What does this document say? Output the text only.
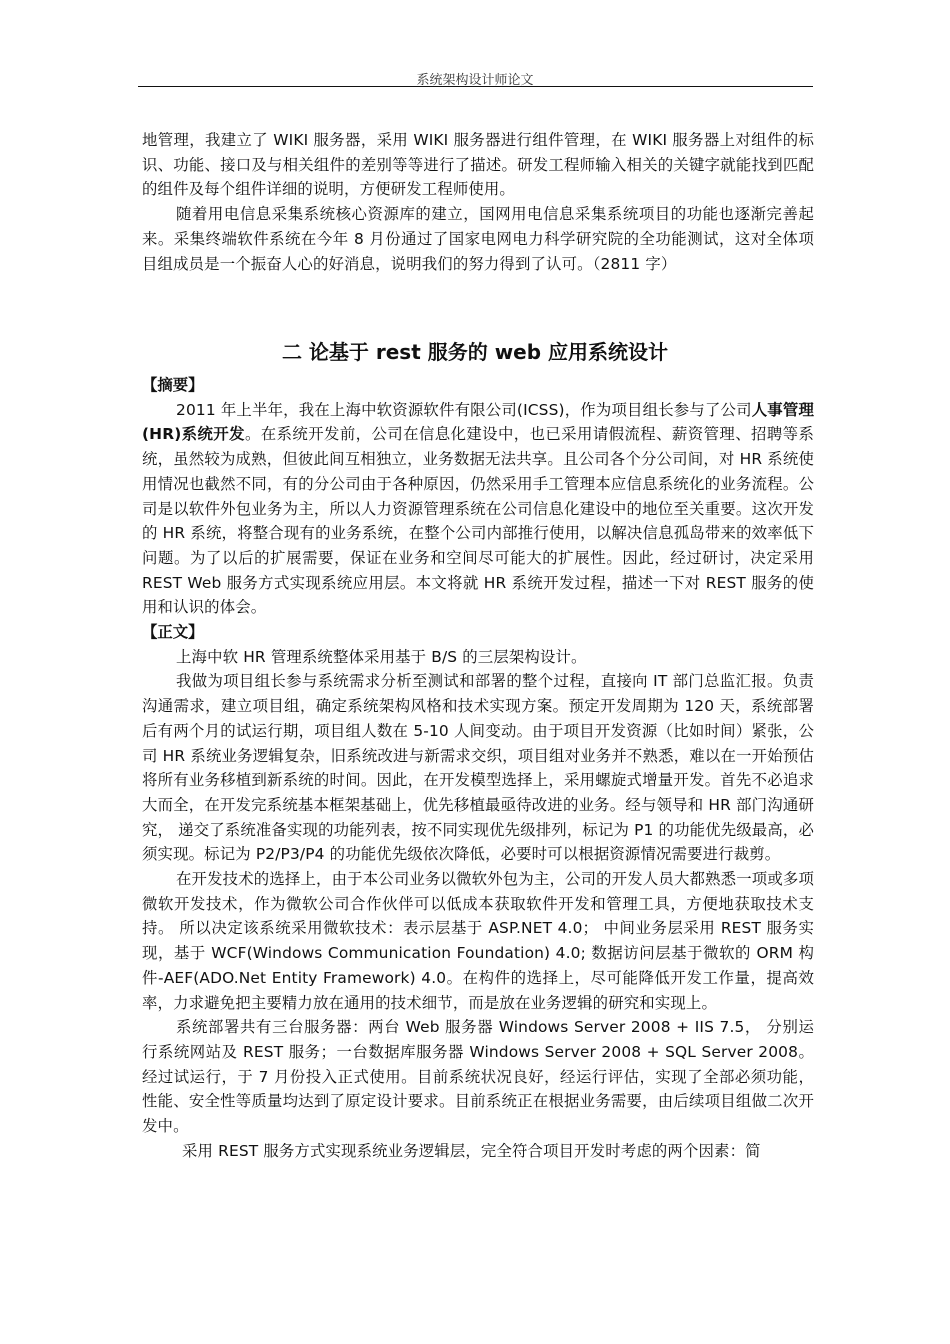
系统架构设计师论文

地管理，我建立了 WIKI 服务器，采用 WIKI 服务器进行组件管理，在 WIKI 服务器上对组件的标识、功能、接口及与相关组件的差别等等进行了描述。研发工程师输入相关的关键字就能找到匹配的组件及每个组件详细的说明，方便研发工程师使用。

随着用电信息采集系统核心资源库的建立，国网用电信息采集系统项目的功能也逐渐完善起来。采集终端软件系统在今年 8 月份通过了国家电网电力科学研究院的全功能测试，这对全体项目组成员是一个振奋人心的好消息，说明我们的努力得到了认可。（2811 字）

二 论基于 rest 服务的 web 应用系统设计
【摘要】

2011 年上半年，我在上海中软资源软件有限公司(ICSS)，作为项目组长参与了公司人事管理(HR)系统开发。在系统开发前，公司在信息化建设中，也已采用请假流程、薪资管理、招聘等系统，虽然较为成熟，但彼此间互相独立，业务数据无法共享。且公司各个分公司间，对 HR 系统使用情况也截然不同，有的分公司由于各种原因，仍然采用手工管理本应信息系统化的业务流程。公司是以软件外包业务为主，所以人力资源管理系统在公司信息化建设中的地位至关重要。这次开发的 HR 系统，将整合现有的业务系统，在整个公司内部推行使用，以解决信息孤岛带来的效率低下问题。为了以后的扩展需要，保证在业务和空间尽可能大的扩展性。因此，经过研讨，决定采用 REST Web 服务方式实现系统应用层。本文将就 HR 系统开发过程，描述一下对 REST 服务的使用和认识的体会。

【正文】

上海中软 HR 管理系统整体采用基于 B/S 的三层架构设计。

我做为项目组长参与系统需求分析至测试和部署的整个过程，直接向 IT 部门总监汇报。负责沟通需求，建立项目组，确定系统架构风格和技术实现方案。预定开发周期为 120 天，系统部署后有两个月的试运行期，项目组人数在 5-10 人间变动。由于项目开发资源（比如时间）紧张，公司 HR 系统业务逻辑复杂，旧系统改进与新需求交织，项目组对业务并不熟悉，难以在一开始预估将所有业务移植到新系统的时间。因此，在开发模型选择上，采用螺旋式增量开发。首先不必追求大而全，在开发完系统基本框架基础上，优先移植最亟待改进的业务。经与领导和 HR 部门沟通研究， 递交了系统准备实现的功能列表，按不同实现优先级排列，标记为 P1 的功能优先级最高，必须实现。标记为 P2/P3/P4 的功能优先级依次降低，必要时可以根据资源情况需要进行裁剪。

在开发技术的选择上，由于本公司业务以微软外包为主，公司的开发人员大都熟悉一项或多项微软开发技术，作为微软公司合作伙伴可以低成本获取软件开发和管理工具，方便地获取技术支持。 所以决定该系统采用微软技术：表示层基于 ASP.NET 4.0； 中间业务层采用 REST 服务实现，基于 WCF(Windows Communication Foundation) 4.0; 数据访问层基于微软的 ORM 构件-AEF(ADO.Net Entity Framework) 4.0。在构件的选择上，尽可能降低开发工作量，提高效率，力求避免把主要精力放在通用的技术细节，而是放在业务逻辑的研究和实现上。

系统部署共有三台服务器：两台 Web 服务器 Windows Server 2008 + IIS 7.5， 分别运行系统网站及 REST 服务；一台数据库服务器 Windows Server 2008 + SQL Server 2008。经过试运行，于 7 月份投入正式使用。目前系统状况良好，经运行评估，实现了全部必须功能，性能、安全性等质量均达到了原定设计要求。目前系统正在根据业务需要，由后续项目组做二次开发中。

采用 REST 服务方式实现系统业务逻辑层，完全符合项目开发时考虑的两个因素：简
